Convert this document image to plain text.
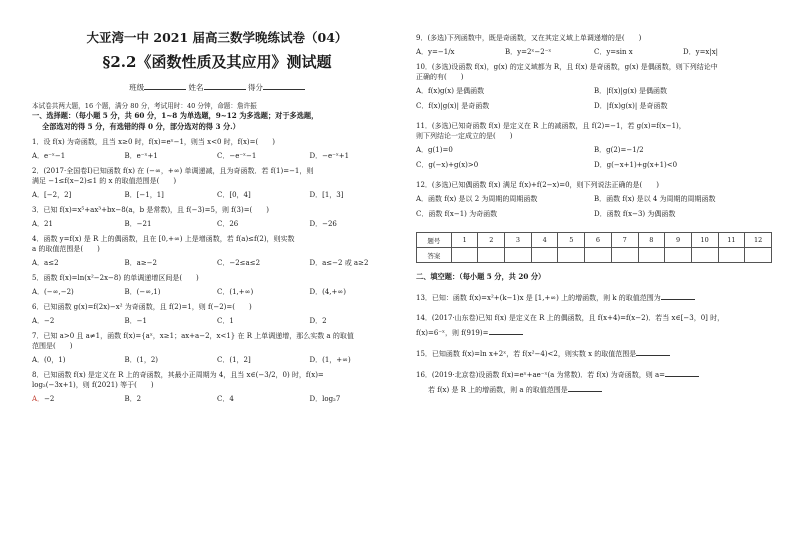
大亚湾一中 2021 届高三数学晚练试卷（04）
§2.2《函数性质及其应用》测试题
班级	姓名	得分
本试卷共两大题，16 个题，满分 80 分，考试用时：40 分钟，命题：詹许振
一、选择题：（每小题 5 分，共 60 分，1~8 为单选题，9~12 为多选题；对于多选题，
全部选对的得 5 分，有选错的得 0 分，部分选对的得 3 分.）
1．设 f(x) 为奇函数，且当 x≥0 时，f(x)=eˣ−1，则当 x<0 时，f(x)=(　　)
A．e⁻ˣ−1	B．e⁻ˣ+1	C．−e⁻ˣ−1	D．−e⁻ˣ+1
2．(2017·全国卷Ⅰ)已知函数 f(x) 在 (−∞，+∞) 单调递减，且为奇函数．若 f(1)=−1，则
满足 −1≤f(x−2)≤1 的 x 的取值范围是(　　)
A．[−2，2]	B．[−1，1]	C．[0，4]	D．[1，3]
3．已知 f(x)=x⁵+ax³+bx−8(a，b 是常数)，且 f(−3)=5，则 f(3)=(　　)
A．21	B．−21	C．26	D．−26
4．函数 y=f(x) 是 R 上的偶函数，且在 [0,+∞) 上是增函数，若 f(a)≤f(2)，则实数
a 的取值范围是(　　)
A．a≤2	B．a≥−2	C．−2≤a≤2	D．a≤−2 或 a≥2
5．函数 f(x)=ln(x²−2x−8) 的单调递增区间是(　　)
A．(−∞,−2)	B．(−∞,1)	C．(1,+∞)	D．(4,+∞)
6．已知函数 g(x)=f(2x)−x² 为奇函数，且 f(2)=1，则 f(−2)=(　　)
A．−2	B．−1	C．1	D．2
7．已知 a>0 且 a≠1，函数 f(x)={aˣ，x≥1；ax+a−2，x<1} 在 R 上单调递增，那么实数 a 的取值
范围是(　　)
A．(0，1)	B．(1，2)	C．(1，2]	D．(1，+∞)
8．已知函数 f(x) 是定义在 R 上的奇函数，其最小正周期为 4，且当 x∈(−3/2，0) 时，f(x)=
log₂(−3x+1)，则 f(2021) 等于(　　)
A．−2	B．2	C．4	D．log₂7
9．(多选)下列函数中，既是奇函数，又在其定义域上单调递增的是(　　)
A．y=−1/x	B．y=2ˣ−2⁻ˣ	C．y=sin x	D．y=x|x|
10．(多选)设函数 f(x)，g(x) 的定义域都为 R，且 f(x) 是奇函数，g(x) 是偶函数，则下列结论中
正确的有(　　)
A．f(x)g(x) 是偶函数	B．|f(x)|g(x) 是偶函数
C．f(x)|g(x)| 是奇函数	D．|f(x)g(x)| 是奇函数
11．(多选)已知奇函数 f(x) 是定义在 R 上的减函数，且 f(2)=−1，若 g(x)=f(x−1)，
则下列结论一定成立的是(　　)
A．g(1)=0	B．g(2)=−1/2
C．g(−x)+g(x)>0	D．g(−x+1)+g(x+1)<0
12．(多选)已知偶函数 f(x) 满足 f(x)+f(2−x)=0，则下列说法正确的是(　　)
A．函数 f(x) 是以 2 为周期的周期函数	B．函数 f(x) 是以 4 为周期的周期函数
C．函数 f(x−1) 为奇函数	D．函数 f(x−3) 为偶函数
题号	1	2	3	4	5	6	7	8	9	10	11	12
答案												
二、填空题：（每小题 5 分，共 20 分）
13．已知：函数 f(x)=x²+(k−1)x 是 [1,+∞) 上的增函数，则 k 的取值范围为
14．(2017·山东卷)已知 f(x) 是定义在 R 上的偶函数，且 f(x+4)=f(x−2)．若当 x∈[−3，0] 时，
f(x)=6⁻ˣ，则 f(919)=
15．已知函数 f(x)=ln x+2ˣ，若 f(x²−4)<2，则实数 x 的取值范围是
16．(2019·北京卷)设函数 f(x)=eˣ+ae⁻ˣ(a 为常数)．若 f(x) 为奇函数，则 a=
若 f(x) 是 R 上的增函数，则 a 的取值范围是
